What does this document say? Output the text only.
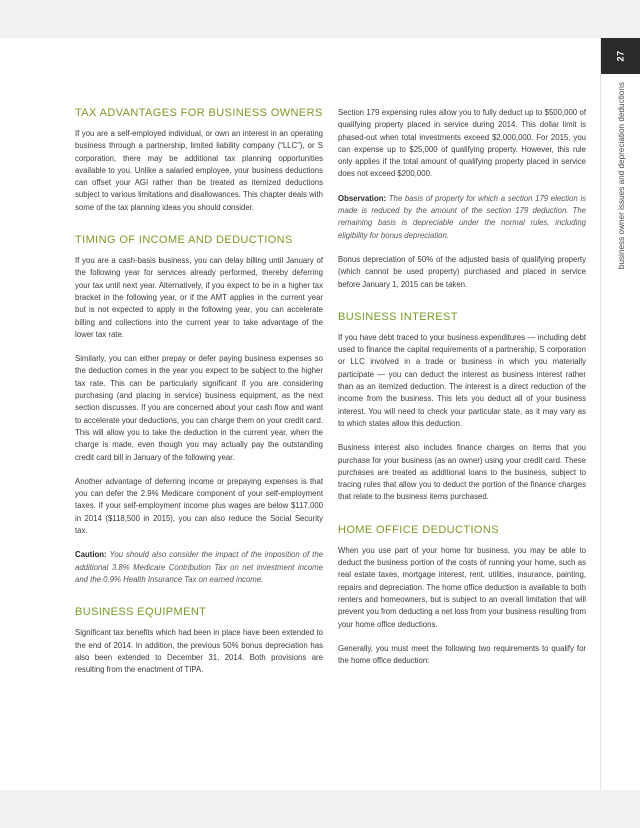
27
business owner issues and depreciation deductions
TAX ADVANTAGES FOR BUSINESS OWNERS

If you are a self-employed individual, or own an interest in an operating business through a partnership, limited liability company (“LLC”), or S corporation, there may be additional tax planning opportunities available to you. Unlike a salaried employee, your business deductions can offset your AGI rather than be treated as itemized deductions subject to various limitations and disallowances. This chapter deals with some of the tax planning ideas you should consider.

TIMING OF INCOME AND DEDUCTIONS

If you are a cash-basis business, you can delay billing until January of the following year for services already performed, thereby deferring your tax until next year. Alternatively, if you expect to be in a higher tax bracket in the following year, or if the AMT applies in the current year but is not expected to apply in the following year, you can accelerate billing and collections into the current year to take advantage of the lower tax rate.

Similarly, you can either prepay or defer paying business expenses so the deduction comes in the year you expect to be subject to the higher tax rate. This can be particularly significant if you are considering purchasing (and placing in service) business equipment, as the next section discusses. If you are concerned about your cash flow and want to accelerate your deductions, you can charge them on your credit card. This will allow you to take the deduction in the current year, when the charge is made, even though you may actually pay the outstanding credit card bill in January of the following year.

Another advantage of deferring income or prepaying expenses is that you can defer the 2.9% Medicare component of your self-employment taxes. If your self-employment income plus wages are below $117,000 in 2014 ($118,500 in 2015), you can also reduce the Social Security tax.

Caution: You should also consider the impact of the imposition of the additional 3.8% Medicare Contribution Tax on net investment income and the 0.9% Health Insurance Tax on earned income.

BUSINESS EQUIPMENT

Significant tax benefits which had been in place have been extended to the end of 2014. In addition, the previous 50% bonus depreciation has also been extended to December 31, 2014. Both provisions are resulting from the enactment of TIPA.

Section 179 expensing rules allow you to fully deduct up to $500,000 of qualifying property placed in service during 2014. This dollar limit is phased-out when total investments exceed $2,000,000. For 2015, you can expense up to $25,000 of qualifying property. However, this rule only applies if the total amount of qualifying property placed in service does not exceed $200,000.

Observation: The basis of property for which a section 179 election is made is reduced by the amount of the section 179 deduction. The remaining basis is depreciable under the normal rules, including eligibility for bonus depreciation.

Bonus depreciation of 50% of the adjusted basis of qualifying property (which cannot be used property) purchased and placed in service before January 1, 2015 can be taken.

BUSINESS INTEREST

If you have debt traced to your business expenditures — including debt used to finance the capital requirements of a partnership, S corporation or LLC involved in a trade or business in which you materially participate — you can deduct the interest as business interest rather than as an itemized deduction. The interest is a direct reduction of the income from the business. This lets you deduct all of your business interest. You will need to check your particular state, as it may vary as to which states allow this deduction.

Business interest also includes finance charges on items that you purchase for your business (as an owner) using your credit card. These purchases are treated as additional loans to the business, subject to tracing rules that allow you to deduct the portion of the finance charges that relate to the business items purchased.

HOME OFFICE DEDUCTIONS

When you use part of your home for business, you may be able to deduct the business portion of the costs of running your home, such as real estate taxes, mortgage interest, rent, utilities, insurance, painting, repairs and depreciation. The home office deduction is available to both renters and homeowners, but is subject to an overall limitation that will prevent you from deducting a net loss from your business resulting from your home office deductions.

Generally, you must meet the following two requirements to qualify for the home office deduction:
